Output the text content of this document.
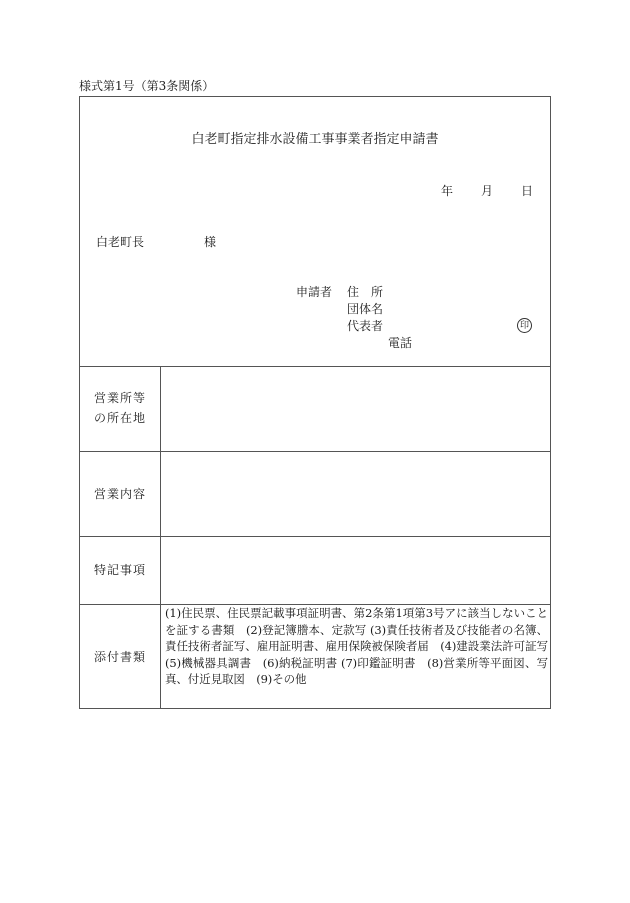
様式第1号（第3条関係）
白老町指定排水設備工事事業者指定申請書
年 月 日
白老町長	様
申請者 住　所
団体名
代表者	印
電話
営業所等
の所在地
営業内容
特記事項
添付書類
(1)住民票、住民票記載事項証明書、第2条第1項第3号アに該当しないことを証する書類　(2)登記簿謄本、定款写 (3)責任技術者及び技能者の名簿、責任技術者証写、雇用証明書、雇用保険被保険者届　(4)建設業法許可証写　(5)機械器具調書　(6)納税証明書 (7)印鑑証明書　(8)営業所等平面図、写真、付近見取図　(9)その他
